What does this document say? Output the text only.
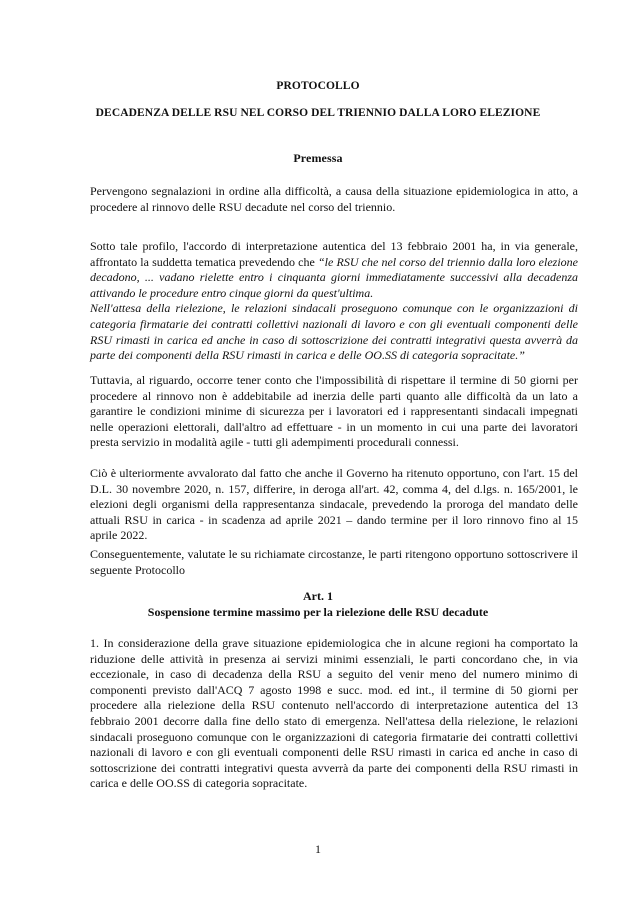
PROTOCOLLO
DECADENZA DELLE RSU NEL CORSO DEL TRIENNIO DALLA LORO ELEZIONE
Premessa

Pervengono segnalazioni in ordine alla difficoltà, a causa della situazione epidemiologica in atto, a procedere al rinnovo delle RSU decadute nel corso del triennio.

Sotto tale profilo, l'accordo di interpretazione autentica del 13 febbraio 2001 ha, in via generale, affrontato la suddetta tematica prevedendo che “le RSU che nel corso del triennio dalla loro elezione decadono, ... vadano rielette entro i cinquanta giorni immediatamente successivi alla decadenza attivando le procedure entro cinque giorni da quest'ultima.
Nell'attesa della rielezione, le relazioni sindacali proseguono comunque con le organizzazioni di categoria firmatarie dei contratti collettivi nazionali di lavoro e con gli eventuali componenti delle RSU rimasti in carica ed anche in caso di sottoscrizione dei contratti integrativi questa avverrà da parte dei componenti della RSU rimasti in carica e delle OO.SS di categoria sopracitate.”

Tuttavia, al riguardo, occorre tener conto che l'impossibilità di rispettare il termine di 50 giorni per procedere al rinnovo non è addebitabile ad inerzia delle parti quanto alle difficoltà da un lato a garantire le condizioni minime di sicurezza per i lavoratori ed i rappresentanti sindacali impegnati nelle operazioni elettorali, dall'altro ad effettuare - in un momento in cui una parte dei lavoratori presta servizio in modalità agile - tutti gli adempimenti procedurali connessi.

Ciò è ulteriormente avvalorato dal fatto che anche il Governo ha ritenuto opportuno, con l'art. 15 del D.L. 30 novembre 2020, n. 157, differire, in deroga all'art. 42, comma 4, del d.lgs. n. 165/2001, le elezioni degli organismi della rappresentanza sindacale, prevedendo la proroga del mandato delle attuali RSU in carica - in scadenza ad aprile 2021 – dando termine per il loro rinnovo fino al 15 aprile 2022.

Conseguentemente, valutate le su richiamate circostanze, le parti ritengono opportuno sottoscrivere il seguente Protocollo

Art. 1
Sospensione termine massimo per la rielezione delle RSU decadute

1. In considerazione della grave situazione epidemiologica che in alcune regioni ha comportato la riduzione delle attività in presenza ai servizi minimi essenziali, le parti concordano che, in via eccezionale, in caso di decadenza della RSU a seguito del venir meno del numero minimo di componenti previsto dall'ACQ 7 agosto 1998 e succ. mod. ed int., il termine di 50 giorni per procedere alla rielezione della RSU contenuto nell'accordo di interpretazione autentica del 13 febbraio 2001 decorre dalla fine dello stato di emergenza. Nell'attesa della rielezione, le relazioni sindacali proseguono comunque con le organizzazioni di categoria firmatarie dei contratti collettivi nazionali di lavoro e con gli eventuali componenti delle RSU rimasti in carica ed anche in caso di sottoscrizione dei contratti integrativi questa avverrà da parte dei componenti della RSU rimasti in carica e delle OO.SS di categoria sopracitate.

1
